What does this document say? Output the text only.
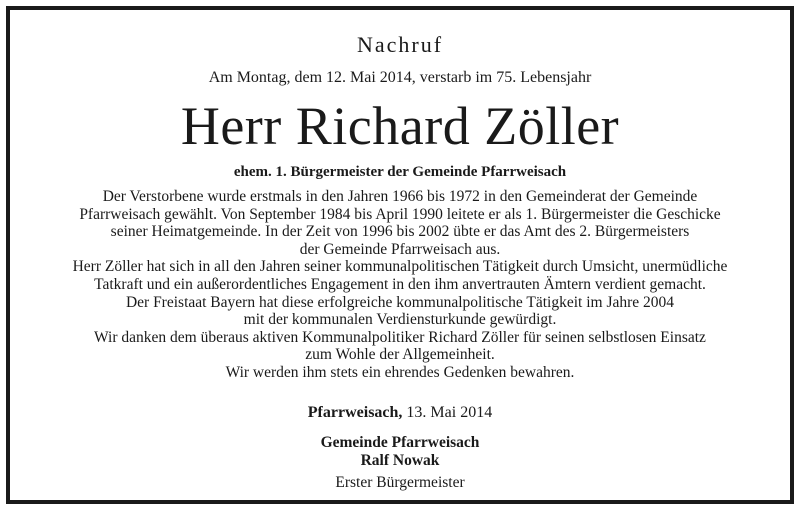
Nachruf
Am Montag, dem 12. Mai 2014, verstarb im 75. Lebensjahr
Herr Richard Zöller
ehem. 1. Bürgermeister der Gemeinde Pfarrweisach
Der Verstorbene wurde erstmals in den Jahren 1966 bis 1972 in den Gemeinderat der Gemeinde
Pfarrweisach gewählt. Von September 1984 bis April 1990 leitete er als 1. Bürgermeister die Geschicke
seiner Heimatgemeinde. In der Zeit von 1996 bis 2002 übte er das Amt des 2. Bürgermeisters
der Gemeinde Pfarrweisach aus.
Herr Zöller hat sich in all den Jahren seiner kommunalpolitischen Tätigkeit durch Umsicht, unermüdliche
Tatkraft und ein außerordentliches Engagement in den ihm anvertrauten Ämtern verdient gemacht.
Der Freistaat Bayern hat diese erfolgreiche kommunalpolitische Tätigkeit im Jahre 2004
mit der kommunalen Verdiensturkunde gewürdigt.
Wir danken dem überaus aktiven Kommunalpolitiker Richard Zöller für seinen selbstlosen Einsatz
zum Wohle der Allgemeinheit.
Wir werden ihm stets ein ehrendes Gedenken bewahren.
Pfarrweisach, 13. Mai 2014
Gemeinde Pfarrweisach
Ralf Nowak
Erster Bürgermeister
